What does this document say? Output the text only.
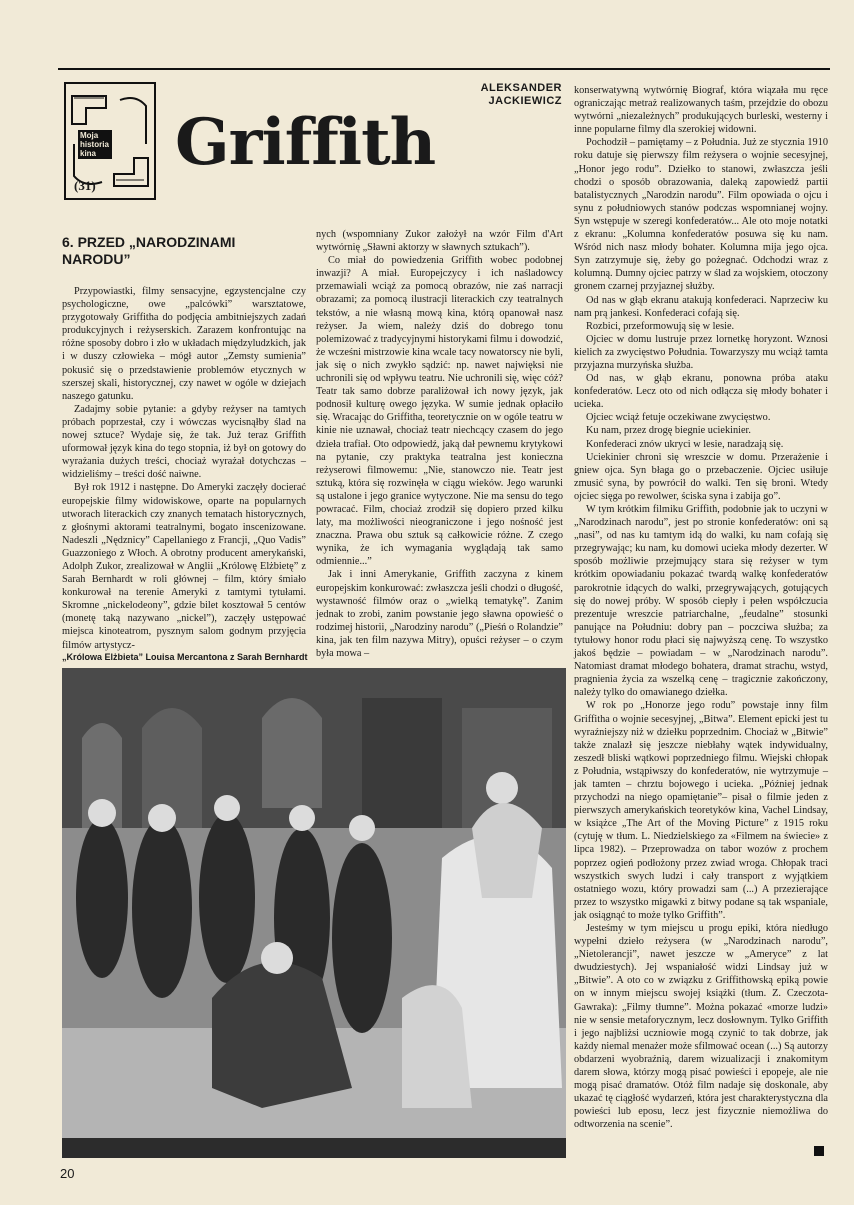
Moja historia kina
(31)
Griffith
ALEKSANDER JACKIEWICZ
6. PRZED „NARODZINAMI NARODU”

Przypowiastki, filmy sensacyjne, egzystencjalne czy psychologiczne, owe „palcówki” warsztatowe, przygotowały Griffitha do podjęcia ambitniejszych zadań produkcyjnych i reżyserskich. Zarazem konfrontując na różne sposoby dobro i zło w układach międzyludzkich, jak i w duszy człowieka – mógł autor „Zemsty sumienia” pokusić się o przedstawienie problemów etycznych w szerszej skali, historycznej, czy nawet w ogóle w dziejach naszego gatunku.

Zadajmy sobie pytanie: a gdyby reżyser na tamtych próbach poprzestał, czy i wówczas wycisnąłby ślad na nowej sztuce? Wydaje się, że tak. Już teraz Griffith uformował język kina do tego stopnia, iż był on gotowy do wyrażania dużych treści, chociaż wyrażał dotychczas – widzieliśmy – treści dość naiwne.

Był rok 1912 i następne. Do Ameryki zaczęły docierać europejskie filmy widowiskowe, oparte na popularnych utworach literackich czy znanych tematach historycznych, z głośnymi aktorami teatralnymi, bogato inscenizowane. Nadeszli „Nędznicy” Capellaniego z Francji, „Quo Vadis” Guazzoniego z Włoch. A obrotny producent amerykański, Adolph Zukor, zrealizował w Anglii „Królowę Elżbietę” z Sarah Bernhardt w roli głównej – film, który śmiało konkurował na terenie Ameryki z tamtymi tytułami. Skromne „nickelodeony”, gdzie bilet kosztował 5 centów (monetę taką nazywano „nickel”), zaczęły ustępować miejsca kinoteatrom, pysznym salom godnym przyjęcia filmów artystycz-

nych (wspomniany Zukor założył na wzór Film d'Art wytwórnię „Sławni aktorzy w sławnych sztukach”).

Co miał do powiedzenia Griffith wobec podobnej inwazji? A miał. Europejczycy i ich naśladowcy przemawiali wciąż za pomocą obrazów, nie zaś narracji obrazami; za pomocą ilustracji literackich czy teatralnych tekstów, a nie własną mową kina, którą opanował nasz reżyser. Ja wiem, należy dziś do dobrego tonu polemizować z tradycyjnymi historykami filmu i dowodzić, że wcześni mistrzowie kina wcale tacy nowatorscy nie byli, jak się o nich zwykło sądzić: np. nawet najwięksi nie uchronili się od wpływu teatru. Nie uchronili się, więc cóż? Teatr tak samo dobrze paraliżował ich nowy język, jak podnosił kulturę owego języka. W sumie jednak opłaciło się. Wracając do Griffitha, teoretycznie on w ogóle teatru w kinie nie uznawał, chociaż teatr niechcący czasem do jego dzieła trafiał. Oto odpowiedź, jaką dał pewnemu krytykowi na pytanie, czy praktyka teatralna jest konieczna reżyserowi filmowemu: „Nie, stanowczo nie. Teatr jest sztuką, która się rozwinęła w ciągu wieków. Jego warunki są ustalone i jego granice wytyczone. Nie ma sensu do tego powracać. Film, chociaż zrodził się dopiero przed kilku laty, ma możliwości nieograniczone i jego nośność jest znaczna. Prawa obu sztuk są całkowicie różne. Z czego wynika, że ich wymagania wyglądają tak samo odmiennie...”

Jak i inni Amerykanie, Griffith zaczyna z kinem europejskim konkurować: zwłaszcza jeśli chodzi o długość, wystawność filmów oraz o „wielką tematykę”. Zanim jednak to zrobi, zanim powstanie jego sławna opowieść o rodzimej historii, „Narodziny narodu” („Pieśń o Rolandzie” kina, jak ten film nazywa Mitry), opuści reżyser – o czym była mowa –

konserwatywną wytwórnię Biograf, która wiązała mu ręce ograniczając metraż realizowanych taśm, przejdzie do obozu wytwórni „niezależnych” produkujących burleski, westerny i inne popularne filmy dla szerokiej widowni.

Pochodził – pamiętamy – z Południa. Już ze stycznia 1910 roku datuje się pierwszy film reżysera o wojnie secesyjnej, „Honor jego rodu”. Dziełko to stanowi, zwłaszcza jeśli chodzi o sposób obrazowania, daleką zapowiedź partii batalistycznych „Narodzin narodu”. Film opowiada o ojcu i synu z południowych stanów podczas wspomnianej wojny. Syn wstępuje w szeregi konfederatów... Ale oto moje notatki z ekranu: „Kolumna konfederatów posuwa się ku nam. Wśród nich nasz młody bohater. Kolumna mija jego ojca. Syn zatrzymuje się, żeby go pożegnać. Odchodzi wraz z kolumną. Dumny ojciec patrzy w ślad za wojskiem, otoczony gronem czarnej przyjaznej służby.

Od nas w głąb ekranu atakują konfederaci. Naprzeciw ku nam prą jankesi. Konfederaci cofają się.

Rozbici, przeformowują się w lesie.

Ojciec w domu lustruje przez lornetkę horyzont. Wznosi kielich za zwycięstwo Południa. Towarzyszy mu wciąż tamta przyjazna murzyńska służba.

Od nas, w głąb ekranu, ponowna próba ataku konfederatów. Lecz oto od nich odłącza się młody bohater i ucieka.

Ojciec wciąż fetuje oczekiwane zwycięstwo.

Ku nam, przez drogę biegnie uciekinier.

Konfederaci znów ukryci w lesie, naradzają się.

Uciekinier chroni się wreszcie w domu. Przerażenie i gniew ojca. Syn błaga go o przebaczenie. Ojciec usiłuje zmusić syna, by powrócił do walki. Ten się broni. Wtedy ojciec sięga po rewolwer, ściska syna i zabija go”.

W tym krótkim filmiku Griffith, podobnie jak to uczyni w „Narodzinach narodu”, jest po stronie konfederatów: oni są „nasi”, od nas ku tamtym idą do walki, ku nam cofają się przegrywając; ku nam, ku domowi ucieka młody dezerter. W sposób możliwie przejmujący stara się reżyser w tym krótkim opowiadaniu pokazać twardą walkę konfederatów parokrotnie idących do walki, przegrywających, gotujących się do nowej próby. W sposób ciepły i pełen współczucia prezentuje wreszcie patriarchalne, „feudalne” stosunki panujące na Południu: dobry pan – poczciwa służba; za tytułowy honor rodu płaci się najwyższą cenę. To wszystko jakoś będzie – powiadam – w „Narodzinach narodu”. Natomiast dramat młodego bohatera, dramat strachu, wstyd, pragnienia życia za wszelką cenę – tragicznie zakończony, należy tylko do omawianego dziełka.

W rok po „Honorze jego rodu” powstaje inny film Griffitha o wojnie secesyjnej, „Bitwa”. Element epicki jest tu wyraźniejszy niż w dziełku poprzednim. Chociaż w „Bitwie” także znalazł się jeszcze niebłahy wątek indywidualny, zeszedł bliski wątkowi poprzedniego filmu. Wiejski chłopak z Południa, wstąpiwszy do konfederatów, nie wytrzymuje – jak tamten – chrztu bojowego i ucieka. „Później jednak przychodzi na niego opamiętanie”– pisał o filmie jeden z pierwszych amerykańskich teoretyków kina, Vachel Lindsay, w książce „The Art of the Moving Picture” z 1915 roku (cytuję w tłum. L. Niedzielskiego za «Filmem na świecie» z lipca 1982). – Przeprowadza on tabor wozów z prochem poprzez ogień podłożony przez zwiad wroga. Chłopak traci wszystkich swych ludzi i cały transport z wyjątkiem ostatniego wozu, który prowadzi sam (...) A przezierające przez to wszystko migawki z bitwy podane są tak wspaniale, jak osiągnąć to może tylko Griffith”.

Jesteśmy w tym miejscu u progu epiki, która niedługo wypełni dzieło reżysera (w „Narodzinach narodu”, „Nietolerancji”, nawet jeszcze w „Ameryce” z lat dwudziestych). Jej wspaniałość widzi Lindsay już w „Bitwie”. A oto co w związku z Griffithowską epiką powie on w innym miejscu swojej książki (tłum. Z. Czeczota-Gawraka): „Filmy tłumne”. Można pokazać «morze ludzi» nie w sensie metaforycznym, lecz dosłownym. Tylko Griffith i jego najbliżsi uczniowie mogą czynić to tak dobrze, jak każdy niemal menażer może sfilmować ocean (...) Są autorzy obdarzeni wyobraźnią, darem wizualizacji i znakomitym darem słowa, którzy mogą pisać powieści i epopeje, ale nie mogą pisać dramatów. Otóż film nadaje się doskonale, aby ukazać tę ciągłość wydarzeń, która jest charakterystyczna dla powieści lub eposu, lecz jest fizycznie niemożliwa do odtworzenia na scenie”.

„Królowa Elżbieta” Louisa Mercantona z Sarah Bernhardt
20
